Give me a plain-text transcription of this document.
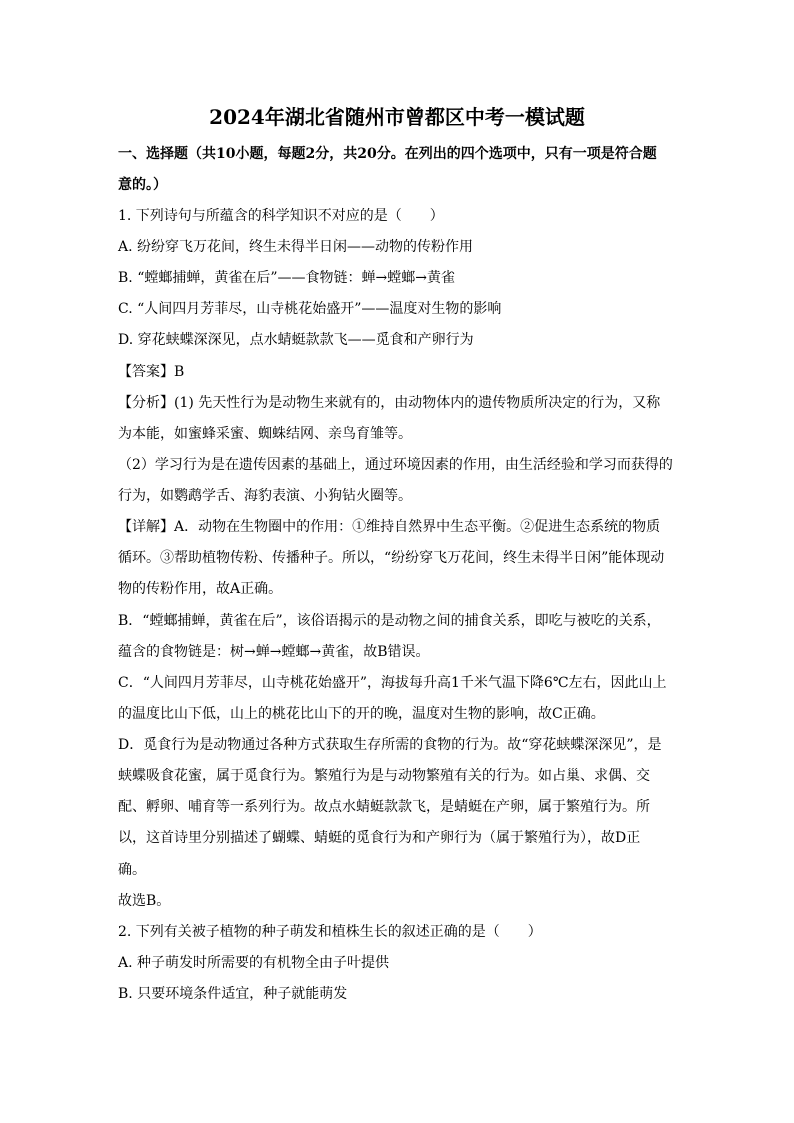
2024年湖北省随州市曾都区中考一模试题
一、选择题（共10小题，每题2分，共20分。在列出的四个选项中，只有一项是符合题
意的。）
1. 下列诗句与所蕴含的科学知识不对应的是（　　）
A. 纷纷穿飞万花间，终生未得半日闲——动物的传粉作用
B. “螳螂捕蝉，黄雀在后”——食物链：蝉→螳螂→黄雀
C. “人间四月芳菲尽，山寺桃花始盛开”——温度对生物的影响
D. 穿花蛱蝶深深见，点水蜻蜓款款飞——觅食和产卵行为
【答案】B
【分析】(1) 先天性行为是动物生来就有的，由动物体内的遗传物质所决定的行为，又称
为本能，如蜜蜂采蜜、蜘蛛结网、亲鸟育雏等。
（2）学习行为是在遗传因素的基础上，通过环境因素的作用，由生活经验和学习而获得的
行为，如鹦鹉学舌、海豹表演、小狗钻火圈等。
【详解】A．动物在生物圈中的作用：①维持自然界中生态平衡。②促进生态系统的物质
循环。③帮助植物传粉、传播种子。所以，“纷纷穿飞万花间，终生未得半日闲”能体现动
物的传粉作用，故A正确。
B．“螳螂捕蝉，黄雀在后”，该俗语揭示的是动物之间的捕食关系，即吃与被吃的关系，
蕴含的食物链是：树→蝉→螳螂→黄雀，故B错误。
C．“人间四月芳菲尽，山寺桃花始盛开”，海拔每升高1千米气温下降6℃左右，因此山上
的温度比山下低，山上的桃花比山下的开的晚，温度对生物的影响，故C正确。
D．觅食行为是动物通过各种方式获取生存所需的食物的行为。故“穿花蛱蝶深深见”，是
蛱蝶吸食花蜜，属于觅食行为。繁殖行为是与动物繁殖有关的行为。如占巢、求偶、交
配、孵卵、哺育等一系列行为。故点水蜻蜓款款飞，是蜻蜓在产卵，属于繁殖行为。所
以，这首诗里分别描述了蝴蝶、蜻蜓的觅食行为和产卵行为（属于繁殖行为），故D正
确。
故选B。
2. 下列有关被子植物的种子萌发和植株生长的叙述正确的是（　　）
A. 种子萌发时所需要的有机物全由子叶提供
B. 只要环境条件适宜，种子就能萌发
